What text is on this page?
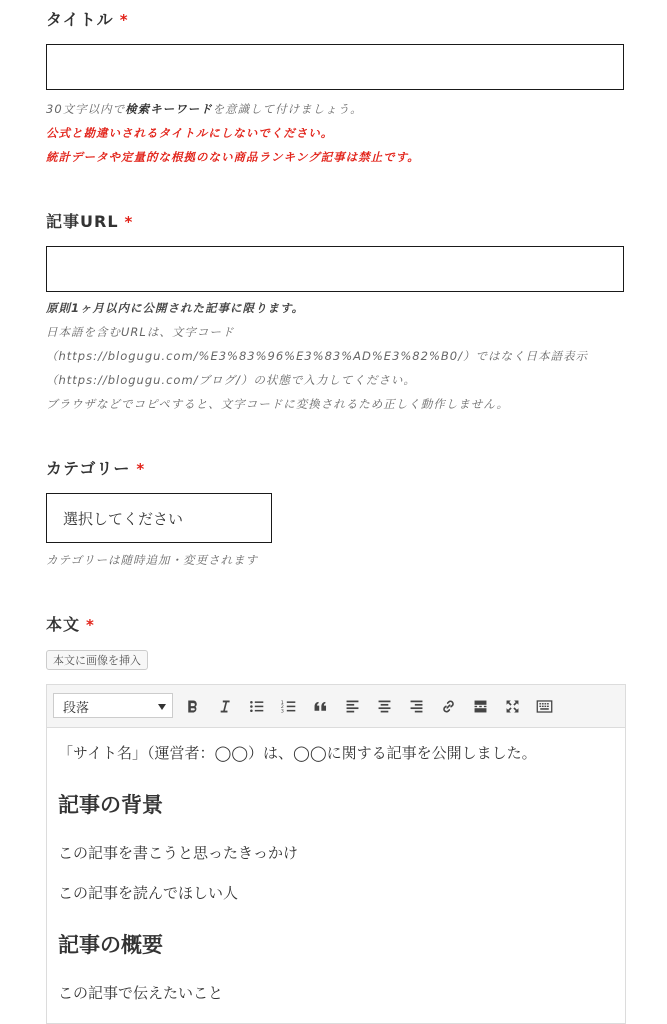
タイトル *
30文字以内で検索キーワードを意識して付けましょう。
公式と勘違いされるタイトルにしないでください。
統計データや定量的な根拠のない商品ランキング記事は禁止です。
記事URL *
原則1ヶ月以内に公開された記事に限ります。
日本語を含むURLは、文字コード
（https://blogugu.com/%E3%83%96%E3%83%AD%E3%82%B0/）ではなく日本語表示
（https://blogugu.com/ブログ/）の状態で入力してください。
ブラウザなどでコピペすると、文字コードに変換されるため正しく動作しません。
カテゴリー *
選択してください
カテゴリーは随時追加・変更されます
本文 *
本文に画像を挿入
段落	1
2
3

「サイト名」（運営者：◯◯）は、◯◯に関する記事を公開しました。

記事の背景

この記事を書こうと思ったきっかけ

この記事を読んでほしい人

記事の概要

この記事で伝えたいこと
